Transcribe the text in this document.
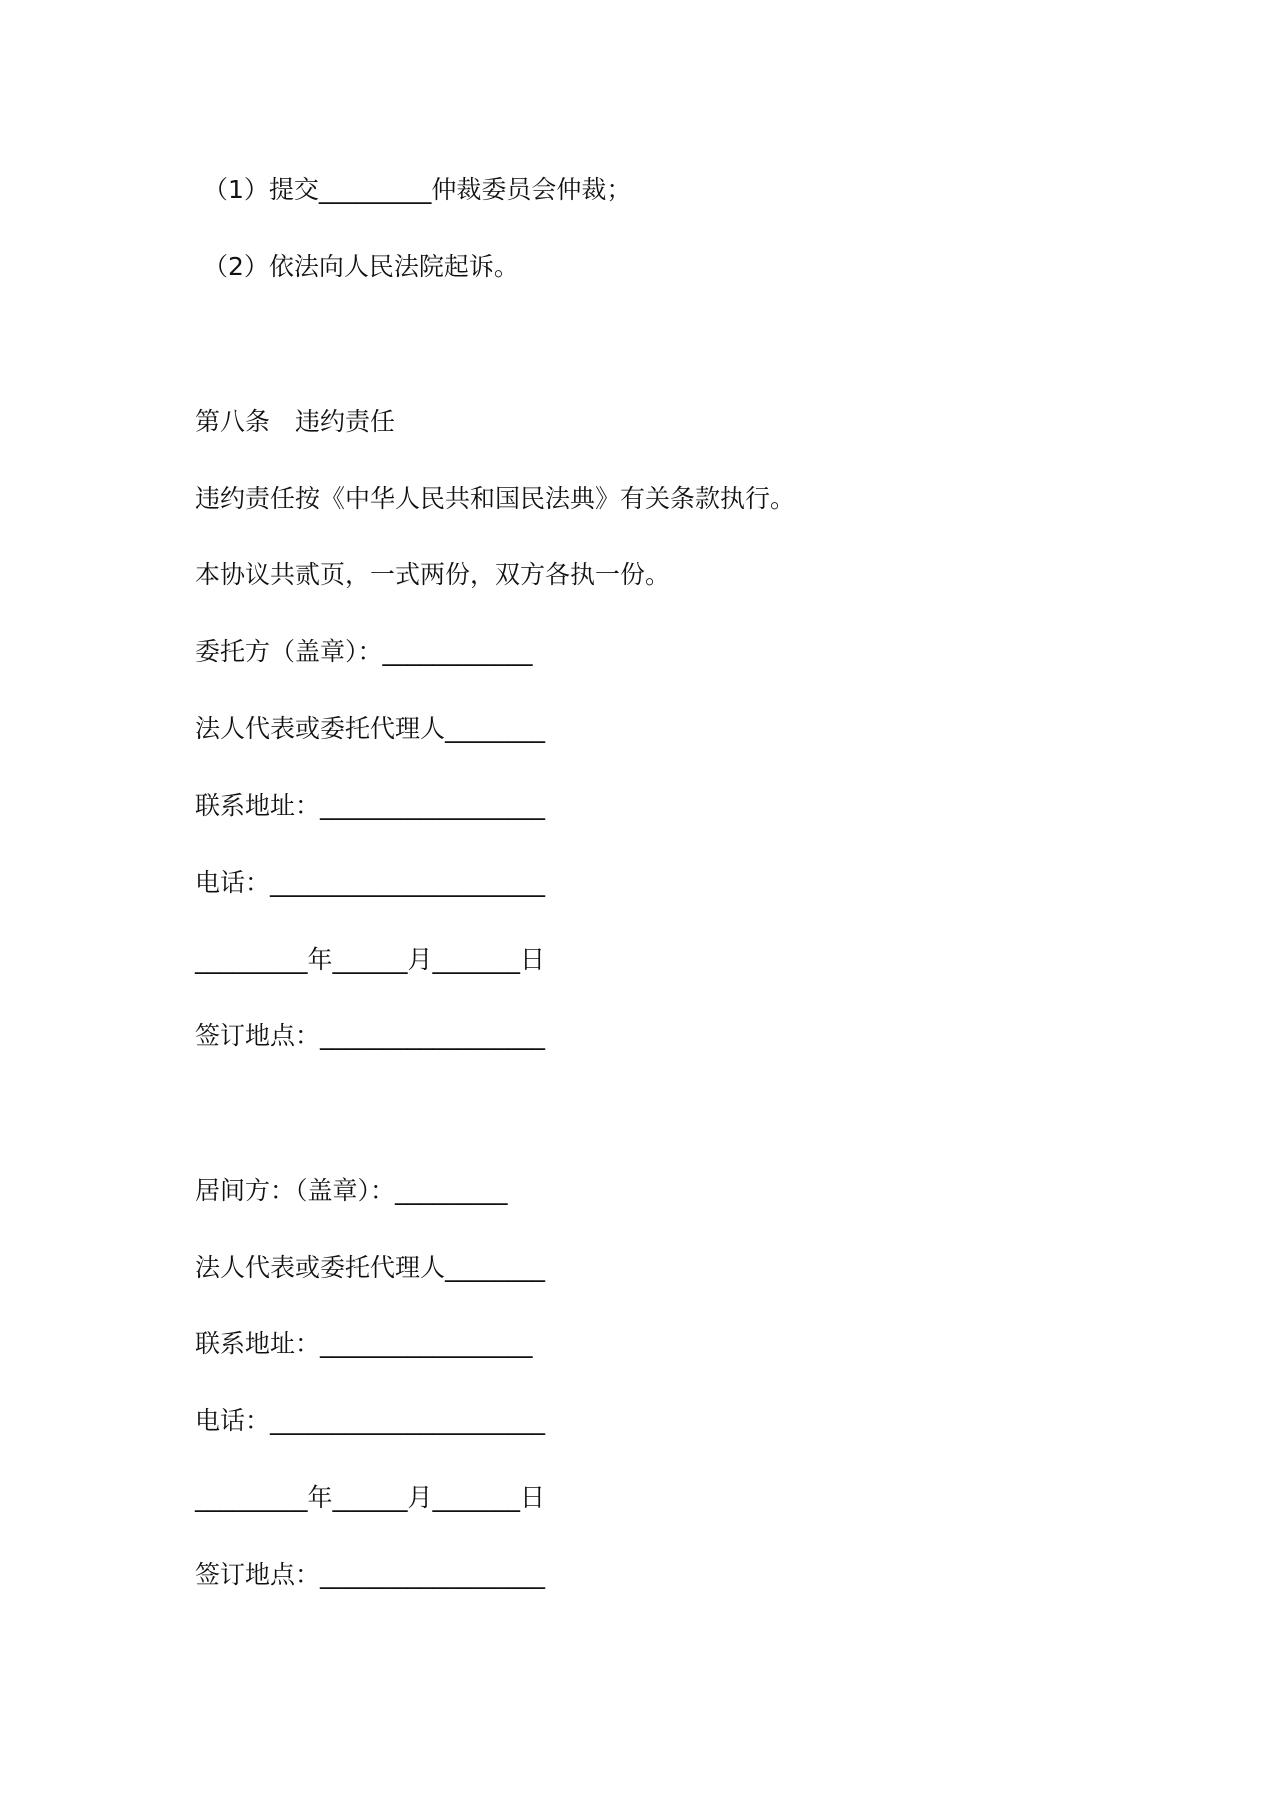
（1）提交_________仲裁委员会仲裁；
（2）依法向人民法院起诉。
第八条　违约责任
违约责任按《中华人民共和国民法典》有关条款执行。
本协议共贰页，一式两份，双方各执一份。
委托方（盖章）：____________
法人代表或委托代理人________
联系地址：__________________
电话：______________________
_________年______月_______日
签订地点：__________________
居间方：（盖章）：_________
法人代表或委托代理人________
联系地址：_________________
电话：______________________
_________年______月_______日
签订地点：__________________
